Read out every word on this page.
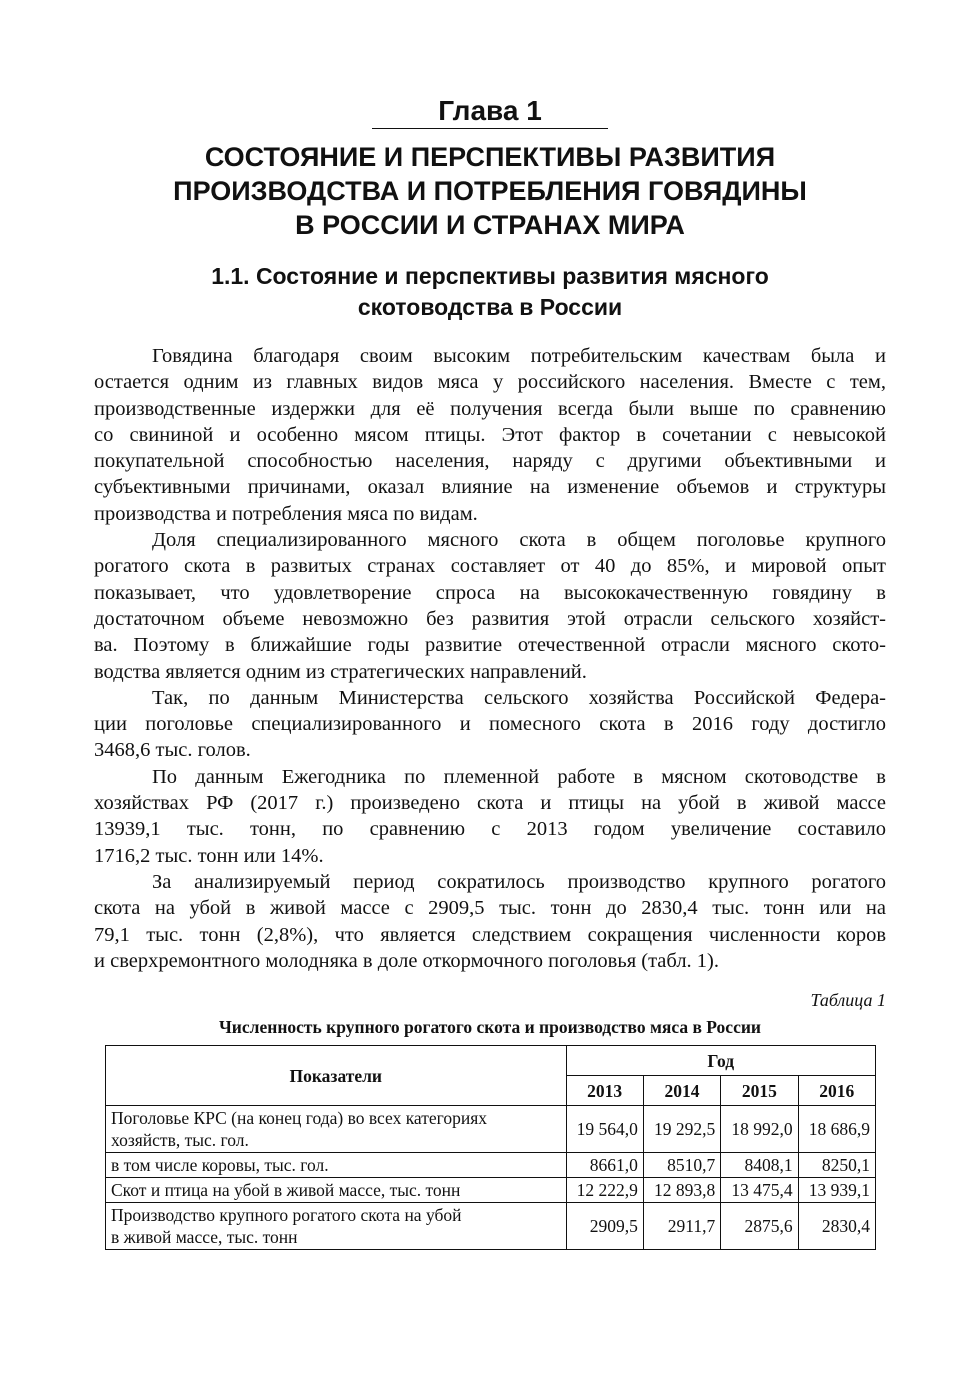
Глава 1
СОСТОЯНИЕ И ПЕРСПЕКТИВЫ РАЗВИТИЯ
ПРОИЗВОДСТВА И ПОТРЕБЛЕНИЯ ГОВЯДИНЫ
В РОССИИ И СТРАНАХ МИРА
1.1. Состояние и перспективы развития мясного
скотоводства в России

Говядина благодаря своим высоким потребительским качествам была и
остается одним из главных видов мяса у российского населения. Вместе с тем,
производственные издержки для её получения всегда были выше по сравнению
со свининой и особенно мясом птицы. Этот фактор в сочетании с невысокой
покупательной способностью населения, наряду с другими объективными и
субъективными причинами, оказал влияние на изменение объемов и структуры
производства и потребления мяса по видам.

Доля специализированного мясного скота в общем поголовье крупного
рогатого скота в развитых странах составляет от 40 до 85%, и мировой опыт
показывает, что удовлетворение спроса на высококачественную говядину в
достаточном объеме невозможно без развития этой отрасли сельского хозяйст-
ва. Поэтому в ближайшие годы развитие отечественной отрасли мясного ското-
водства является одним из стратегических направлений.

Так, по данным Министерства сельского хозяйства Российской Федера-
ции поголовье специализированного и помесного скота в 2016 году достигло
3468,6 тыс. голов.

По данным Ежегодника по племенной работе в мясном скотоводстве в
хозяйствах РФ (2017 г.) произведено скота и птицы на убой в живой массе
13939,1 тыс. тонн, по сравнению с 2013 годом увеличение составило
1716,2 тыс. тонн или 14%.

За анализируемый период сократилось производство крупного рогатого
скота на убой в живой массе с 2909,5 тыс. тонн до 2830,4 тыс. тонн или на
79,1 тыс. тонн (2,8%), что является следствием сокращения численности коров
и сверхремонтного молодняка в доле откормочного поголовья (табл. 1).

Таблица 1
Численность крупного рогатого скота и производство мяса в России
Показатели	Год			
	2013	2014	2015	2016
Поголовье КРС (на конец года) во всех категориях
хозяйств, тыс. гол.	19 564,0	19 292,5	18 992,0	18 686,9
в том числе коровы, тыс. гол.	8661,0	8510,7	8408,1	8250,1
Скот и птица на убой в живой массе, тыс. тонн	12 222,9	12 893,8	13 475,4	13 939,1
Производство крупного рогатого скота на убой
в живой массе, тыс. тонн	2909,5	2911,7	2875,6	2830,4
